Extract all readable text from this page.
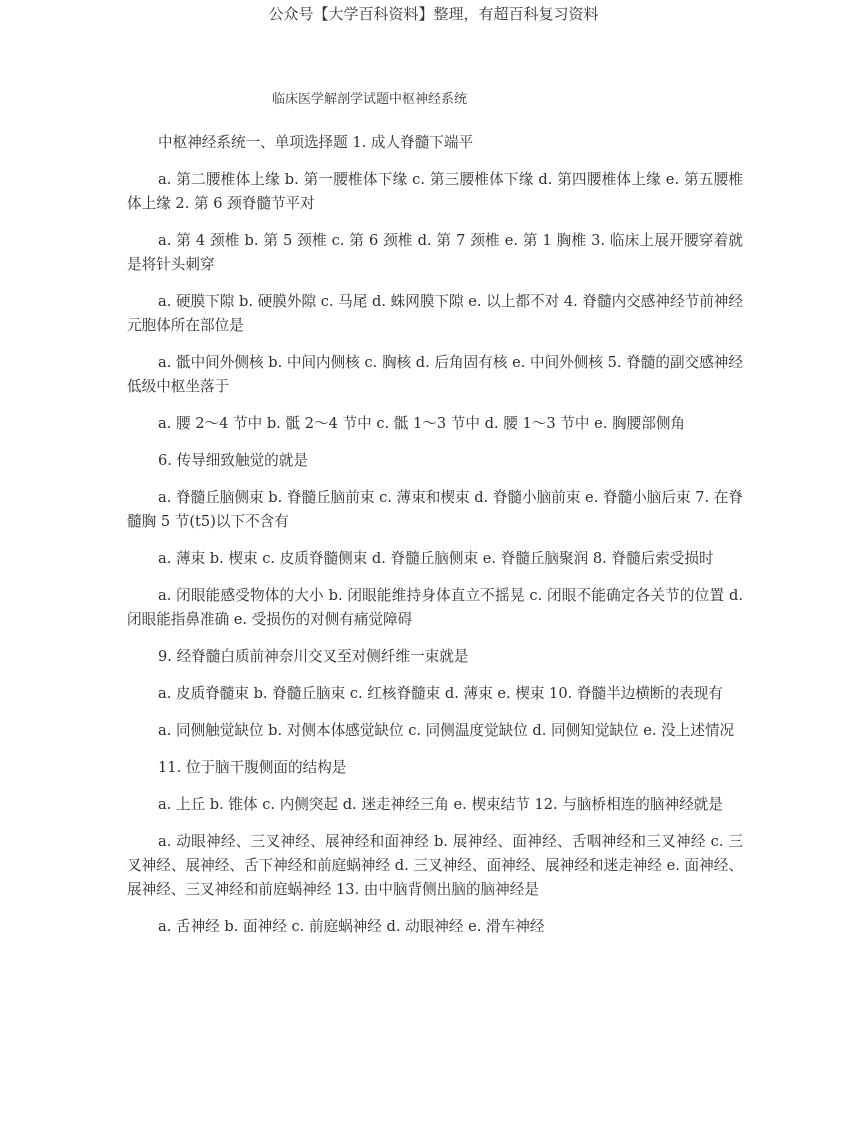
公众号【大学百科资料】整理，有超百科复习资料
临床医学解剖学试题中枢神经系统

中枢神经系统一、单项选择题 1. 成人脊髓下端平

a. 第二腰椎体上缘 b. 第一腰椎体下缘 c. 第三腰椎体下缘 d. 第四腰椎体上缘 e. 第五腰椎体上缘 2. 第 6 颈脊髓节平对

a. 第 4 颈椎 b. 第 5 颈椎 c. 第 6 颈椎 d. 第 7 颈椎 e. 第 1 胸椎 3. 临床上展开腰穿着就是将针头刺穿

a. 硬膜下隙 b. 硬膜外隙 c. 马尾 d. 蛛网膜下隙 e. 以上都不对 4. 脊髓内交感神经节前神经元胞体所在部位是

a. 骶中间外侧核 b. 中间内侧核 c. 胸核 d. 后角固有核 e. 中间外侧核 5. 脊髓的副交感神经低级中枢坐落于

a. 腰 2～4 节中 b. 骶 2～4 节中 c. 骶 1～3 节中 d. 腰 1～3 节中 e. 胸腰部侧角

6. 传导细致触觉的就是

a. 脊髓丘脑侧束 b. 脊髓丘脑前束 c. 薄束和楔束 d. 脊髓小脑前束 e. 脊髓小脑后束 7. 在脊髓胸 5 节(t5)以下不含有

a. 薄束 b. 楔束 c. 皮质脊髓侧束 d. 脊髓丘脑侧束 e. 脊髓丘脑聚润 8. 脊髓后索受损时

a. 闭眼能感受物体的大小 b. 闭眼能维持身体直立不摇晃 c. 闭眼不能确定各关节的位置 d. 闭眼能指鼻准确 e. 受损伤的对侧有痛觉障碍

9. 经脊髓白质前神奈川交叉至对侧纤维一束就是

a. 皮质脊髓束 b. 脊髓丘脑束 c. 红核脊髓束 d. 薄束 e. 楔束 10. 脊髓半边横断的表现有

a. 同侧触觉缺位 b. 对侧本体感觉缺位 c. 同侧温度觉缺位 d. 同侧知觉缺位 e. 没上述情况

11. 位于脑干腹侧面的结构是

a. 上丘 b. 锥体 c. 内侧突起 d. 迷走神经三角 e. 楔束结节 12. 与脑桥相连的脑神经就是

a. 动眼神经、三叉神经、展神经和面神经 b. 展神经、面神经、舌咽神经和三叉神经 c. 三叉神经、展神经、舌下神经和前庭蜗神经 d. 三叉神经、面神经、展神经和迷走神经 e. 面神经、展神经、三叉神经和前庭蜗神经 13. 由中脑背侧出脑的脑神经是

a. 舌神经 b. 面神经 c. 前庭蜗神经 d. 动眼神经 e. 滑车神经
